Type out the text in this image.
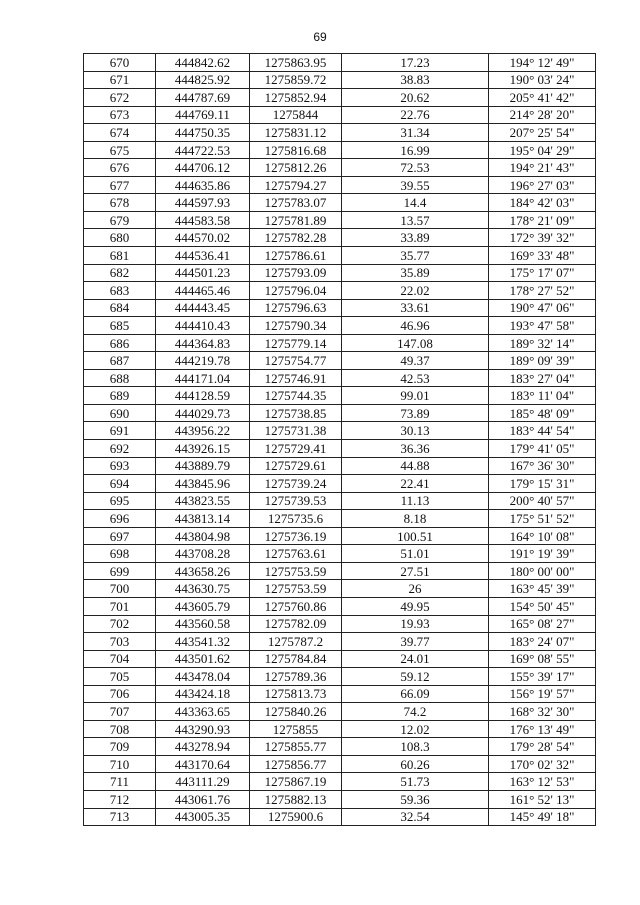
69
670	444842.62	1275863.95	17.23	194° 12' 49"
671	444825.92	1275859.72	38.83	190° 03' 24"
672	444787.69	1275852.94	20.62	205° 41' 42"
673	444769.11	1275844	22.76	214° 28' 20"
674	444750.35	1275831.12	31.34	207° 25' 54"
675	444722.53	1275816.68	16.99	195° 04' 29"
676	444706.12	1275812.26	72.53	194° 21' 43"
677	444635.86	1275794.27	39.55	196° 27' 03"
678	444597.93	1275783.07	14.4	184° 42' 03"
679	444583.58	1275781.89	13.57	178° 21' 09"
680	444570.02	1275782.28	33.89	172° 39' 32"
681	444536.41	1275786.61	35.77	169° 33' 48"
682	444501.23	1275793.09	35.89	175° 17' 07"
683	444465.46	1275796.04	22.02	178° 27' 52"
684	444443.45	1275796.63	33.61	190° 47' 06"
685	444410.43	1275790.34	46.96	193° 47' 58"
686	444364.83	1275779.14	147.08	189° 32' 14"
687	444219.78	1275754.77	49.37	189° 09' 39"
688	444171.04	1275746.91	42.53	183° 27' 04"
689	444128.59	1275744.35	99.01	183° 11' 04"
690	444029.73	1275738.85	73.89	185° 48' 09"
691	443956.22	1275731.38	30.13	183° 44' 54"
692	443926.15	1275729.41	36.36	179° 41' 05"
693	443889.79	1275729.61	44.88	167° 36' 30"
694	443845.96	1275739.24	22.41	179° 15' 31"
695	443823.55	1275739.53	11.13	200° 40' 57"
696	443813.14	1275735.6	8.18	175° 51' 52"
697	443804.98	1275736.19	100.51	164° 10' 08"
698	443708.28	1275763.61	51.01	191° 19' 39"
699	443658.26	1275753.59	27.51	180° 00' 00"
700	443630.75	1275753.59	26	163° 45' 39"
701	443605.79	1275760.86	49.95	154° 50' 45"
702	443560.58	1275782.09	19.93	165° 08' 27"
703	443541.32	1275787.2	39.77	183° 24' 07"
704	443501.62	1275784.84	24.01	169° 08' 55"
705	443478.04	1275789.36	59.12	155° 39' 17"
706	443424.18	1275813.73	66.09	156° 19' 57"
707	443363.65	1275840.26	74.2	168° 32' 30"
708	443290.93	1275855	12.02	176° 13' 49"
709	443278.94	1275855.77	108.3	179° 28' 54"
710	443170.64	1275856.77	60.26	170° 02' 32"
711	443111.29	1275867.19	51.73	163° 12' 53"
712	443061.76	1275882.13	59.36	161° 52' 13"
713	443005.35	1275900.6	32.54	145° 49' 18"
